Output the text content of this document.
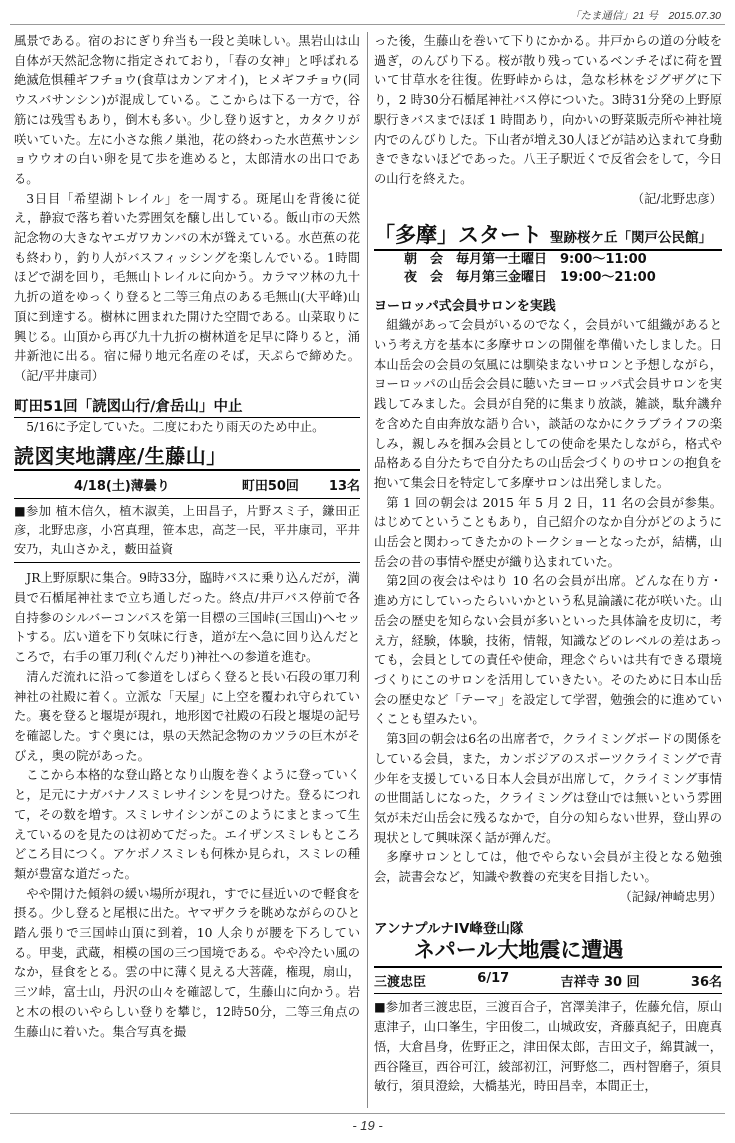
「たま通信」21 号　2015.07.30

風景である。宿のおにぎり弁当も一段と美味しい。黒岩山は山自体が天然記念物に指定されており，「春の女神」と呼ばれる絶滅危惧種ギフチョウ(食草はカンアオイ)，ヒメギフチョウ(同ウスバサンシン)が混成している。ここからは下る一方で，谷筋には残雪もあり，倒木も多い。少し登り返すと，カタクリが咲いていた。左に小さな熊ノ巣池，花の終わった水芭蕉サンショウウオの白い卵を見て歩を進めると，太郎清水の出口である。

3日目「希望湖トレイル」を一周する。斑尾山を背後に従え，静寂で落ち着いた雰囲気を醸し出している。飯山市の天然記念物の大きなヤエガワカンバの木が聳えている。水芭蕉の花も終わり，釣り人がバスフィッシングを楽しんでいる。1時間ほどで湖を回り，毛無山トレイルに向かう。カラマツ林の九十九折の道をゆっくり登ると二等三角点のある毛無山(大平峰)山頂に到達する。樹林に囲まれた開けた空間である。山菜取りに興じる。山頂から再び九十九折の樹林道を足早に降りると，涌井新池に出る。宿に帰り地元名産のそば，天ぷらで締めた。（記/平井康司）

町田51回「読図山行/倉岳山」中止

5/16に予定していた。二度にわたり雨天のため中止。

読図実地講座/生藤山」
4/18(土)薄曇り	町田50回 13名

■参加 植木信久，植木淑美，上田昌子，片野スミ子，鎌田正彦，北野忠彦，小宮真理，笹本忠，高芝一民，平井康司，平井安乃，丸山さかえ，藪田益資

JR上野原駅に集合。9時33分，臨時バスに乗り込んだが，満員で石楯尾神社まで立ち通しだった。終点/井戸バス停前で各自持参のシルバーコンパスを第一目標の三国峠(三国山)へセットする。広い道を下り気味に行き，道が左へ急に回り込んだところで，右手の軍刀利(ぐんだり)神社への参道を進む。

清んだ流れに沿って参道をしばらく登ると長い石段の軍刀利神社の社殿に着く。立派な「天屋」に上空を覆われ守られていた。裏を登ると堰堤が現れ，地形図で社殿の石段と堰堤の記号を確認した。すぐ奥には，県の天然記念物のカツラの巨木がそびえ，奥の院があった。

ここから本格的な登山路となり山腹を巻くように登っていくと，足元にナガバナノスミレサイシンを見つけた。登るにつれて，その数を増す。スミレサイシンがこのようにまとまって生えているのを見たのは初めてだった。エイザンスミレもところどころ目につく。アケボノスミレも何株か見られ，スミレの種類が豊富な道だった。

やや開けた傾斜の緩い場所が現れ，すでに昼近いので軽食を摂る。少し登ると尾根に出た。ヤマザクラを眺めながらのひと踏ん張りで三国峠山頂に到着，10 人余りが腰を下ろしている。甲斐，武蔵，相模の国の三つ国境である。やや冷たい風のなか，昼食をとる。雲の中に薄く見える大菩薩，権現，扇山，三ツ峠，富士山，丹沢の山々を確認して，生藤山に向かう。岩と木の根のいやらしい登りを攀じ，12時50分，二等三角点の生藤山に着いた。集合写真を撮

った後，生藤山を巻いて下りにかかる。井戸からの道の分岐を過ぎ，のんびり下る。桜が散り残っているベンチそばに荷を置いて甘草水を往復。佐野峠からは，急な杉林をジグザグに下り，2 時30分石楯尾神社バス停についた。3時31分発の上野原駅行きバスまでほぼ 1 時間あり，向かいの野菜販売所や神社境内でのんびりした。下山者が増え30人ほどが詰め込まれて身動きできないほどであった。八王子駅近くで反省会をして，今日の山行を終えた。

（記/北野忠彦）

「多摩」スタート 聖跡桜ケ丘「関戸公民館」
朝　会　毎月第一土曜日　9:00～11:00
夜　会　毎月第三金曜日　19:00～21:00
ヨーロッパ式会員サロンを実践

組織があって会員がいるのでなく，会員がいて組織があるという考え方を基本に多摩サロンの開催を準備いたしました。日本山岳会の会員の気風には馴染まないサロンと予想しながら，ヨーロッパの山岳会会員に聴いたヨーロッパ式会員サロンを実践してみました。会員が自発的に集まり放談，雑談，駄弁譏弁を含めた自由奔放な語り合い，談話のなかにクラブライフの楽しみ，親しみを掴み会員としての使命を果たしながら，格式や品格ある自分たちで自分たちの山岳会づくりのサロンの抱負を抱いて集会日を特定して多摩サロンは出発しました。

第 1 回の朝会は 2015 年 5 月 2 日，11 名の会員が参集。はじめてということもあり，自己紹介のなか自分がどのように山岳会と関わってきたかのトークショーとなったが，結構，山岳会の昔の事情や歴史が織り込まれていた。

第2回の夜会はやはり 10 名の会員が出席。どんな在り方・進め方にしていったらいいかという私見論議に花が咲いた。山岳会の歴史を知らない会員が多いといった具体論を皮切に，考え方，経験，体験，技術，情報，知識などのレベルの差はあっても，会員としての責任や使命，理念ぐらいは共有できる環境づくりにこのサロンを活用していきたい。そのために日本山岳会の歴史など「テーマ」を設定して学習，勉強会的に進めていくことも望みたい。

第3回の朝会は6名の出席者で，クライミングボードの関係をしている会員，また，カンボジアのスポーツクライミングで青少年を支援している日本人会員が出席して，クライミング事情の世間話しになった，クライミングは登山では無いという雰囲気が未だ山岳会に残るなかで，自分の知らない世界，登山界の現状として興味深く話が弾んだ。

多摩サロンとしては，他でやらない会員が主役となる勉強会，読書会など，知識や教養の充実を目指したい。

（記録/神崎忠男）

アンナプルナIV峰登山隊
ネパール大地震に遭遇
三渡忠臣	6/17	吉祥寺 30 回	36名

■参加者三渡忠臣，三渡百合子，宮澤美津子，佐藤允信，原山恵津子，山口峯生，宇田俊二，山城政安，斉藤真紀子，田鹿真悟，大倉昌身，佐野正之，津田保太郎，吉田文子，綿貫誠一，西谷隆亘，西谷可江，綾部初江，河野悠二，西村智磨子，須貝敏行，須貝澄絵，大橋基光，時田昌幸，本間正士，

- 19 -
